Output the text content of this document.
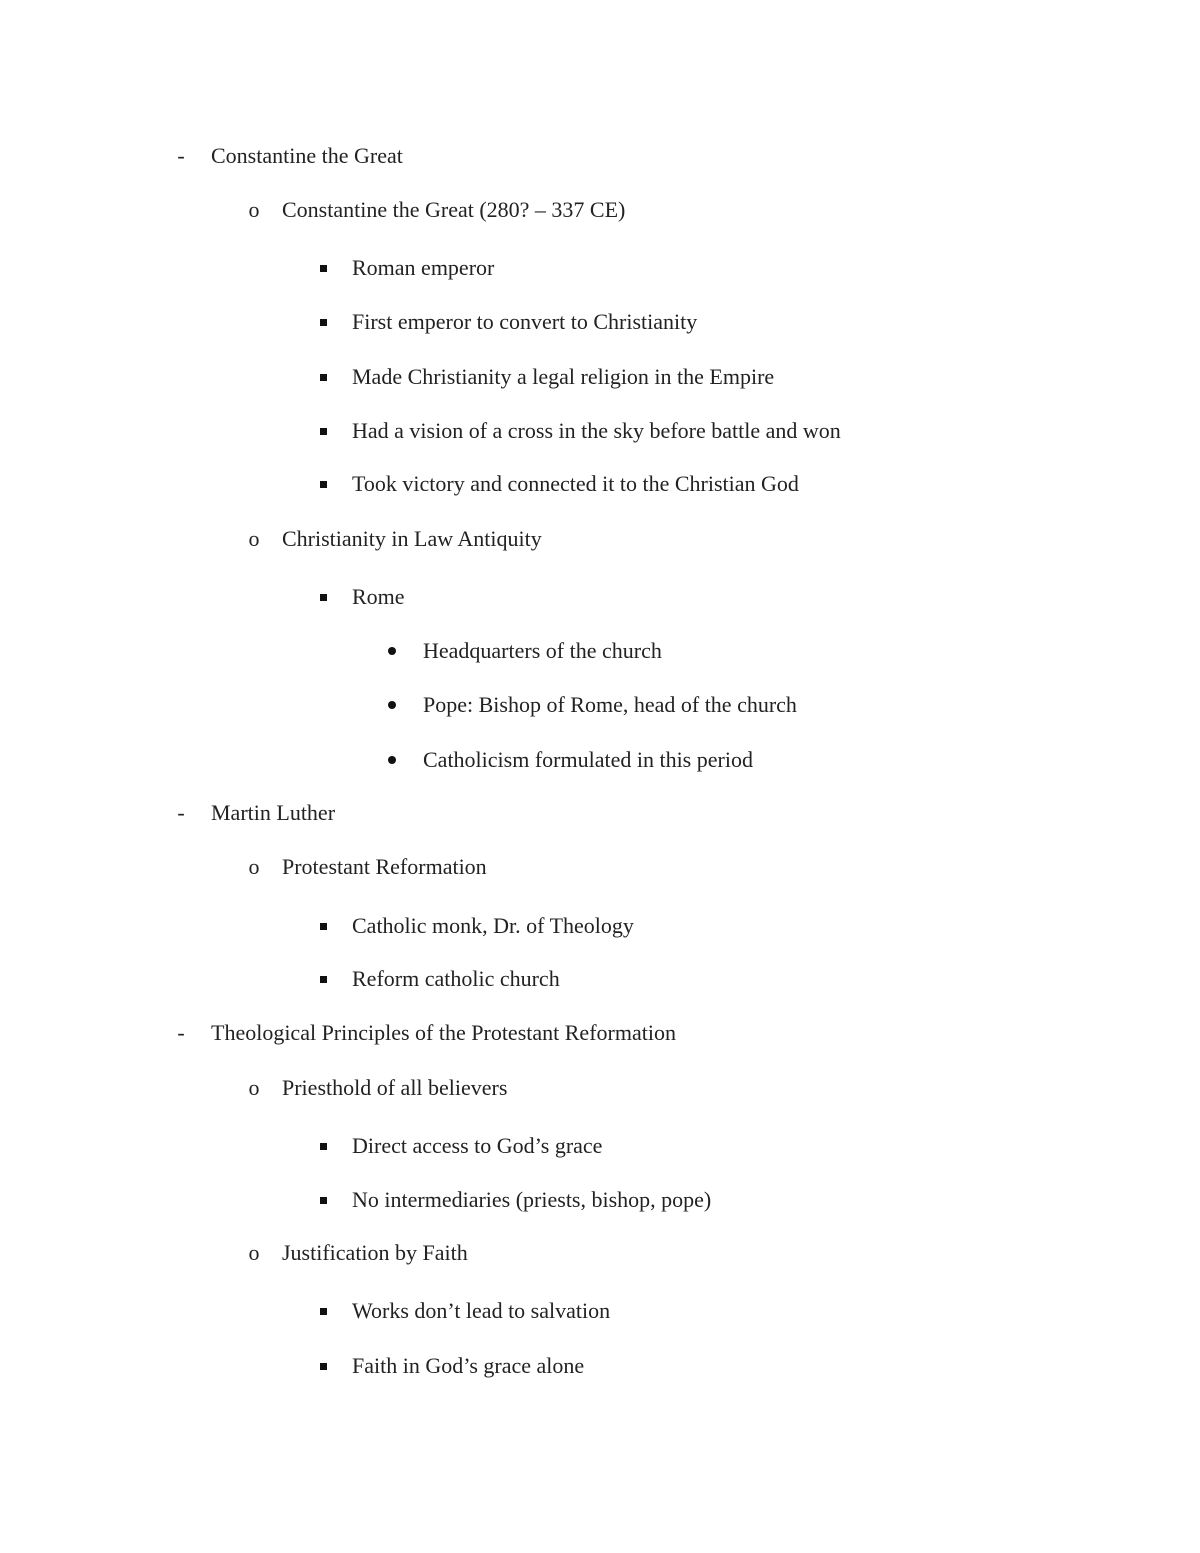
- Constantine the Great
o Constantine the Great (280? – 337 CE)
Roman emperor
First emperor to convert to Christianity
Made Christianity a legal religion in the Empire
Had a vision of a cross in the sky before battle and won
Took victory and connected it to the Christian God
o Christianity in Law Antiquity
Rome
Headquarters of the church
Pope: Bishop of Rome, head of the church
Catholicism formulated in this period
- Martin Luther
o Protestant Reformation
Catholic monk, Dr. of Theology
Reform catholic church
- Theological Principles of the Protestant Reformation
o Priesthold of all believers
Direct access to God’s grace
No intermediaries (priests, bishop, pope)
o Justification by Faith
Works don’t lead to salvation
Faith in God’s grace alone
